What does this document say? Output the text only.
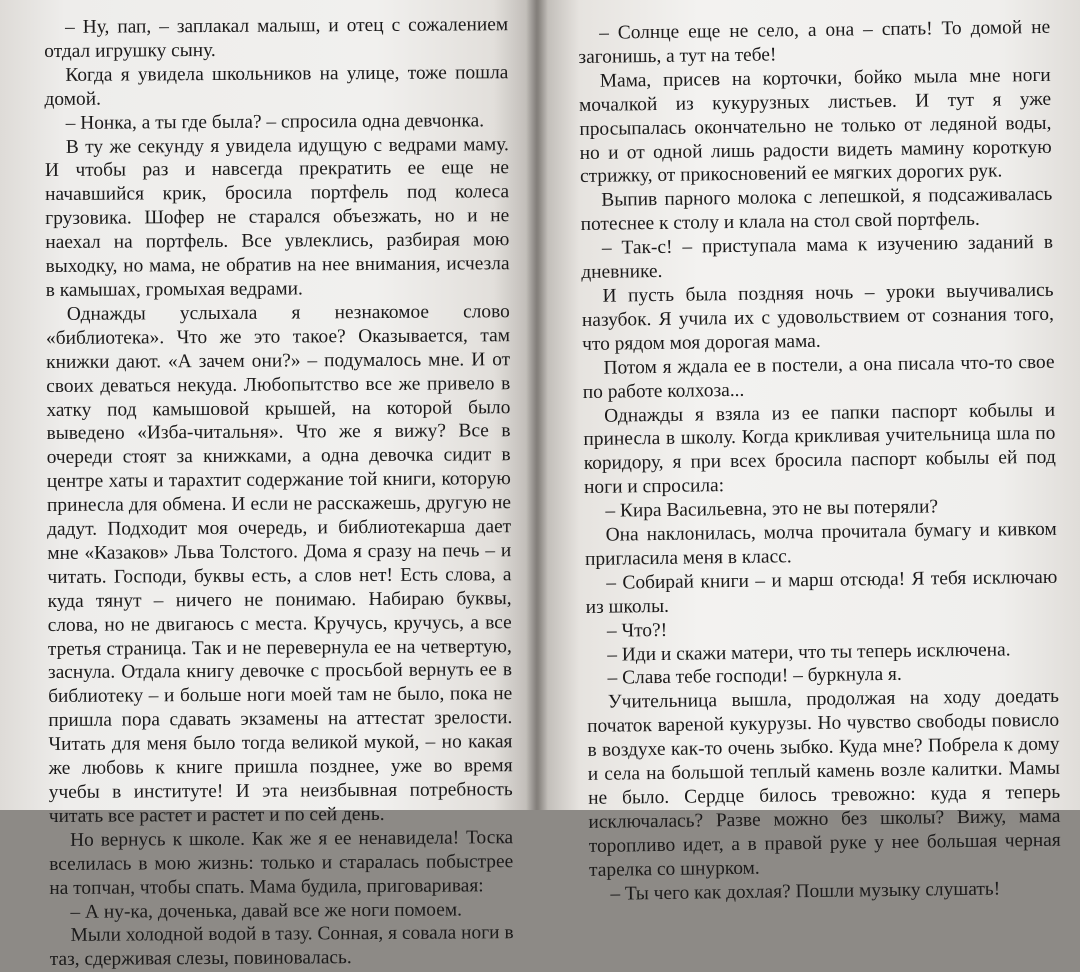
– Ну, пап, – заплакал малыш, и отец с сожалением отдал игрушку сыну.

Когда я увидела школьников на улице, тоже пошла домой.

– Нонка, а ты где была? – спросила одна девчонка.

В ту же секунду я увидела идущую с ведрами маму. И чтобы раз и навсегда прекратить ее еще не начавшийся крик, бросила портфель под колеса грузовика. Шофер не старался объезжать, но и не наехал на портфель. Все увлеклись, разбирая мою выходку, но мама, не обратив на нее внимания, исчезла в камышах, громыхая ведрами.

Однажды услыхала я незнакомое слово «библиотека». Что же это такое? Оказывается, там книжки дают. «А зачем они?» – подумалось мне. И от своих деваться некуда. Любопытство все же привело в хатку под камышовой крышей, на которой было выведено «Изба-читальня». Что же я вижу? Все в очереди стоят за книжками, а одна девочка сидит в центре хаты и тарахтит содержание той книги, которую принесла для обмена. И если не расскажешь, другую не дадут. Подходит моя очередь, и библиотекарша дает мне «Казаков» Льва Толстого. Дома я сразу на печь – и читать. Господи, буквы есть, а слов нет! Есть слова, а куда тянут – ничего не понимаю. Набираю буквы, слова, но не двигаюсь с места. Кручусь, кручусь, а все третья страница. Так и не перевернула ее на четвертую, заснула. Отдала книгу девочке с просьбой вернуть ее в библиотеку – и больше ноги моей там не было, пока не пришла пора сдавать экзамены на аттестат зрелости. Читать для меня было тогда великой мукой, – но какая же любовь к книге пришла позднее, уже во время учебы в институте! И эта неизбывная потребность читать все растет и растет и по сей день.

Но вернусь к школе. Как же я ее ненавидела! Тоска вселилась в мою жизнь: только и старалась побыстрее на топчан, чтобы спать. Мама будила, приговаривая:

– А ну-ка, доченька, давай все же ноги помоем.

Мыли холодной водой в тазу. Сонная, я совала ноги в таз, сдерживая слезы, повиновалась.

– Солнце еще не село, а она – спать! То домой не загонишь, а тут на тебе!

Мама, присев на корточки, бойко мыла мне ноги мочалкой из кукурузных листьев. И тут я уже просыпалась окончательно не только от ледяной воды, но и от одной лишь радости видеть мамину короткую стрижку, от прикосновений ее мягких дорогих рук.

Выпив парного молока с лепешкой, я подсаживалась потеснее к столу и клала на стол свой портфель.

– Так-с! – приступала мама к изучению заданий в дневнике.

И пусть была поздняя ночь – уроки выучивались назубок. Я учила их с удовольствием от сознания того, что рядом моя дорогая мама.

Потом я ждала ее в постели, а она писала что-то свое по работе колхоза...

Однажды я взяла из ее папки паспорт кобылы и принесла в школу. Когда крикливая учительница шла по коридору, я при всех бросила паспорт кобылы ей под ноги и спросила:

– Кира Васильевна, это не вы потеряли?

Она наклонилась, молча прочитала бумагу и кивком пригласила меня в класс.

– Собирай книги – и марш отсюда! Я тебя исключаю из школы.

– Что?!

– Иди и скажи матери, что ты теперь исключена.

– Слава тебе господи! – буркнула я.

Учительница вышла, продолжая на ходу доедать початок вареной кукурузы. Но чувство свободы повисло в воздухе как-то очень зыбко. Куда мне? Побрела к дому и села на большой теплый камень возле калитки. Мамы не было. Сердце билось тревожно: куда я теперь исключалась? Разве можно без школы? Вижу, мама торопливо идет, а в правой руке у нее большая черная тарелка со шнурком.

– Ты чего как дохлая? Пошли музыку слушать!
